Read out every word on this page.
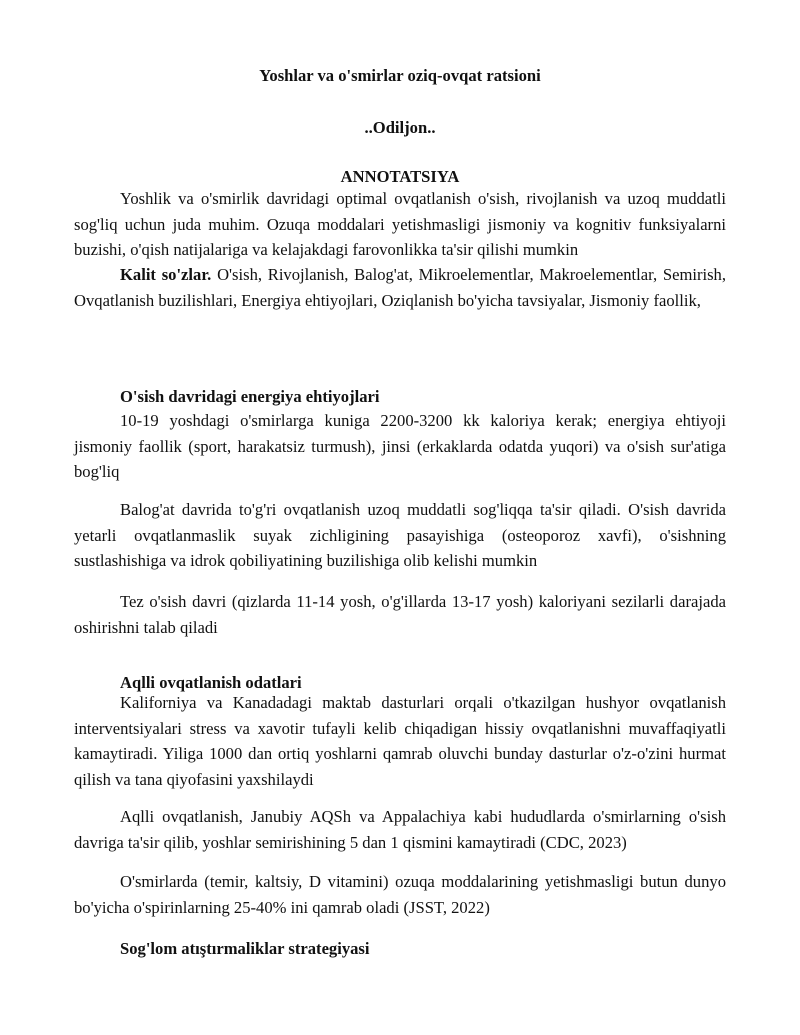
Yoshlar va o'smirlar oziq-ovqat ratsioni

..Odiljon..

ANNOTATSIYA

Yoshlik va o'smirlik davridagi optimal ovqatlanish o'sish, rivojlanish va uzoq muddatli sog'liq uchun juda muhim. Ozuqa moddalari yetishmasligi jismoniy va kognitiv funksiyalarni buzishi, o'qish natijalariga va kelajakdagi farovonlikka ta'sir qilishi mumkin

Kalit so'zlar. O'sish, Rivojlanish, Balog'at, Mikroelementlar, Makroelementlar, Semirish, Ovqatlanish buzilishlari, Energiya ehtiyojlari, Oziqlanish bo'yicha tavsiyalar, Jismoniy faollik,

O'sish davridagi energiya ehtiyojlari

10-19 yoshdagi o'smirlarga kuniga 2200-3200 kk kaloriya kerak; energiya ehtiyoji jismoniy faollik (sport, harakatsiz turmush), jinsi (erkaklarda odatda yuqori) va o'sish sur'atiga bog'liq

Balog'at davrida to'g'ri ovqatlanish uzoq muddatli sog'liqqa ta'sir qiladi. O'sish davrida yetarli ovqatlanmaslik suyak zichligining pasayishiga (osteoporoz xavfi), o'sishning sustlashishiga va idrok qobiliyatining buzilishiga olib kelishi mumkin

Tez o'sish davri (qizlarda 11-14 yosh, o'g'illarda 13-17 yosh) kaloriyani sezilarli darajada oshirishni talab qiladi

Aqlli ovqatlanish odatlari

Kaliforniya va Kanadadagi maktab dasturlari orqali o'tkazilgan hushyor ovqatlanish interventsiyalari stress va xavotir tufayli kelib chiqadigan hissiy ovqatlanishni muvaffaqiyatli kamaytiradi. Yiliga 1000 dan ortiq yoshlarni qamrab oluvchi bunday dasturlar o'z-o'zini hurmat qilish va tana qiyofasini yaxshilaydi

Aqlli ovqatlanish, Janubiy AQSh va Appalachiya kabi hududlarda o'smirlarning o'sish davriga ta'sir qilib, yoshlar semirishining 5 dan 1 qismini kamaytiradi (CDC, 2023)

O'smirlarda (temir, kaltsiy, D vitamini) ozuqa moddalarining yetishmasligi butun dunyo bo'yicha o'spirinlarning 25-40% ini qamrab oladi (JSST, 2022)

Sog'lom atıştırmaliklar strategiyasi
